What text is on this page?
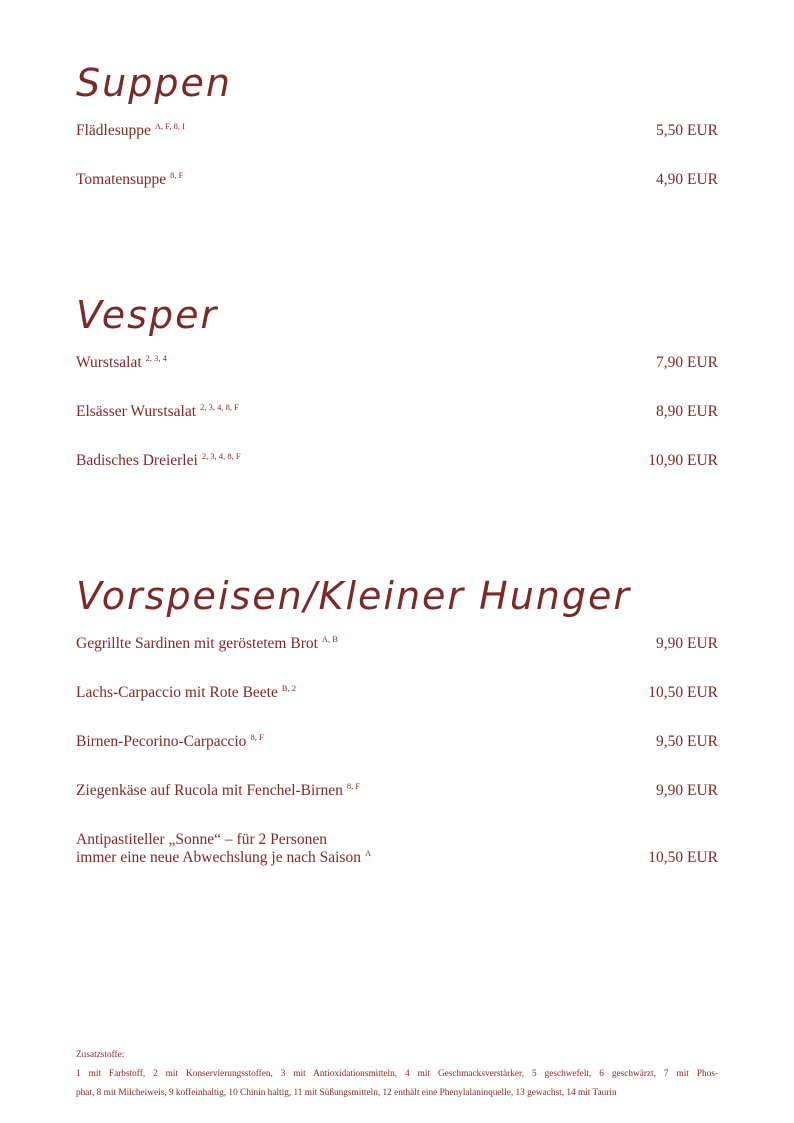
Suppen
Flädlesuppe $^{A, F, 8, I}$	5,50 EUR
Tomatensuppe $^{8, F}$	4,90 EUR
Vesper
Wurstsalat $^{2, 3, 4}$	7,90 EUR
Elsässer Wurstsalat $^{2, 3, 4, 8, F}$	8,90 EUR
Badisches Dreierlei $^{2, 3, 4, 8, F}$	10,90 EUR
Vorspeisen/Kleiner Hunger
Gegrillte Sardinen mit geröstetem Brot $^{A, B}$	9,90 EUR
Lachs-Carpaccio mit Rote Beete $^{B, 2}$	10,50 EUR
Birnen-Pecorino-Carpaccio $^{8, F}$	9,50 EUR
Ziegenkäse auf Rucola mit Fenchel-Birnen $^{8, F}$	9,90 EUR
Antipastiteller „Sonne“ – für 2 Personen
immer eine neue Abwechslung je nach Saison $^A$	10,50 EUR
Zusatzstoffe:
1 mit Farbstoff, 2 mit Konservierungsstoffen, 3 mit Antioxidationsmitteln, 4 mit Geschmacksverstärker, 5 geschwefelt, 6 geschwärzt, 7 mit Phos-
phat, 8 mit Milcheiweis, 9 koffeinhaltig, 10 Chinin haltig, 11 mit Süßungsmitteln, 12 enthält eine Phenylalaninquelle, 13 gewachst, 14 mit Taurin
